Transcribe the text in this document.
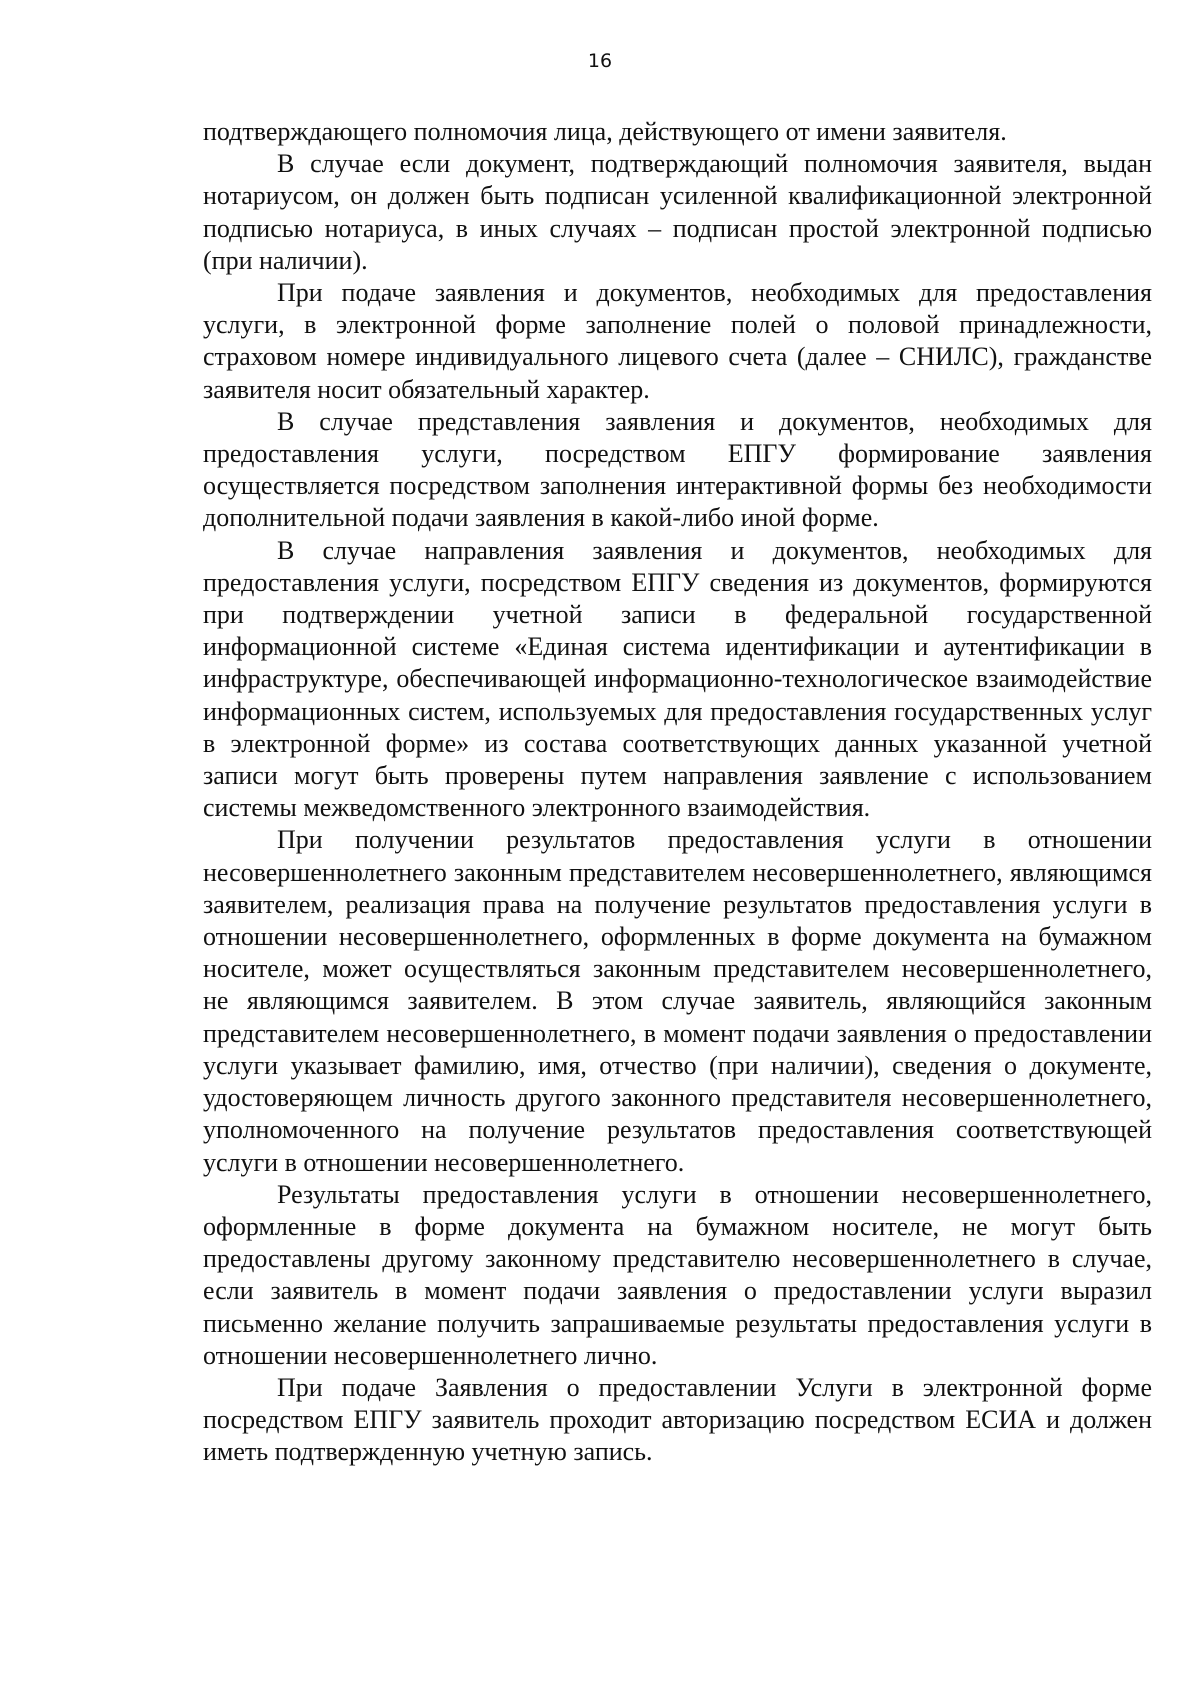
16

подтверждающего полномочия лица, действующего от имени заявителя.

В случае если документ, подтверждающий полномочия заявителя, выдан нотариусом, он должен быть подписан усиленной квалификационной электронной подписью нотариуса, в иных случаях – подписан простой электронной подписью (при наличии).

При подаче заявления и документов, необходимых для предоставления услуги, в электронной форме заполнение полей о половой принадлежности, страховом номере индивидуального лицевого счета (далее – СНИЛС), гражданстве заявителя носит обязательный характер.

В случае представления заявления и документов, необходимых для предоставления услуги, посредством ЕПГУ формирование заявления осуществляется посредством заполнения интерактивной формы без необходимости дополнительной подачи заявления в какой-либо иной форме.

В случае направления заявления и документов, необходимых для предоставления услуги, посредством ЕПГУ сведения из документов, формируются при подтверждении учетной записи в федеральной государственной информационной системе «Единая система идентификации и аутентификации в инфраструктуре, обеспечивающей информационно-технологическое взаимодействие информационных систем, используемых для предоставления государственных услуг в электронной форме» из состава соответствующих данных указанной учетной записи могут быть проверены путем направления заявление с использованием системы межведомственного электронного взаимодействия.

При получении результатов предоставления услуги в отношении несовершеннолетнего законным представителем несовершеннолетнего, являющимся заявителем, реализация права на получение результатов предоставления услуги в отношении несовершеннолетнего, оформленных в форме документа на бумажном носителе, может осуществляться законным представителем несовершеннолетнего, не являющимся заявителем. В этом случае заявитель, являющийся законным представителем несовершеннолетнего, в момент подачи заявления о предоставлении услуги указывает фамилию, имя, отчество (при наличии), сведения о документе, удостоверяющем личность другого законного представителя несовершеннолетнего, уполномоченного на получение результатов предоставления соответствующей услуги в отношении несовершеннолетнего.

Результаты предоставления услуги в отношении несовершеннолетнего, оформленные в форме документа на бумажном носителе, не могут быть предоставлены другому законному представителю несовершеннолетнего в случае, если заявитель в момент подачи заявления о предоставлении услуги выразил письменно желание получить запрашиваемые результаты предоставления услуги в отношении несовершеннолетнего лично.

При подаче Заявления о предоставлении Услуги в электронной форме посредством ЕПГУ заявитель проходит авторизацию посредством ЕСИА и должен иметь подтвержденную учетную запись.
